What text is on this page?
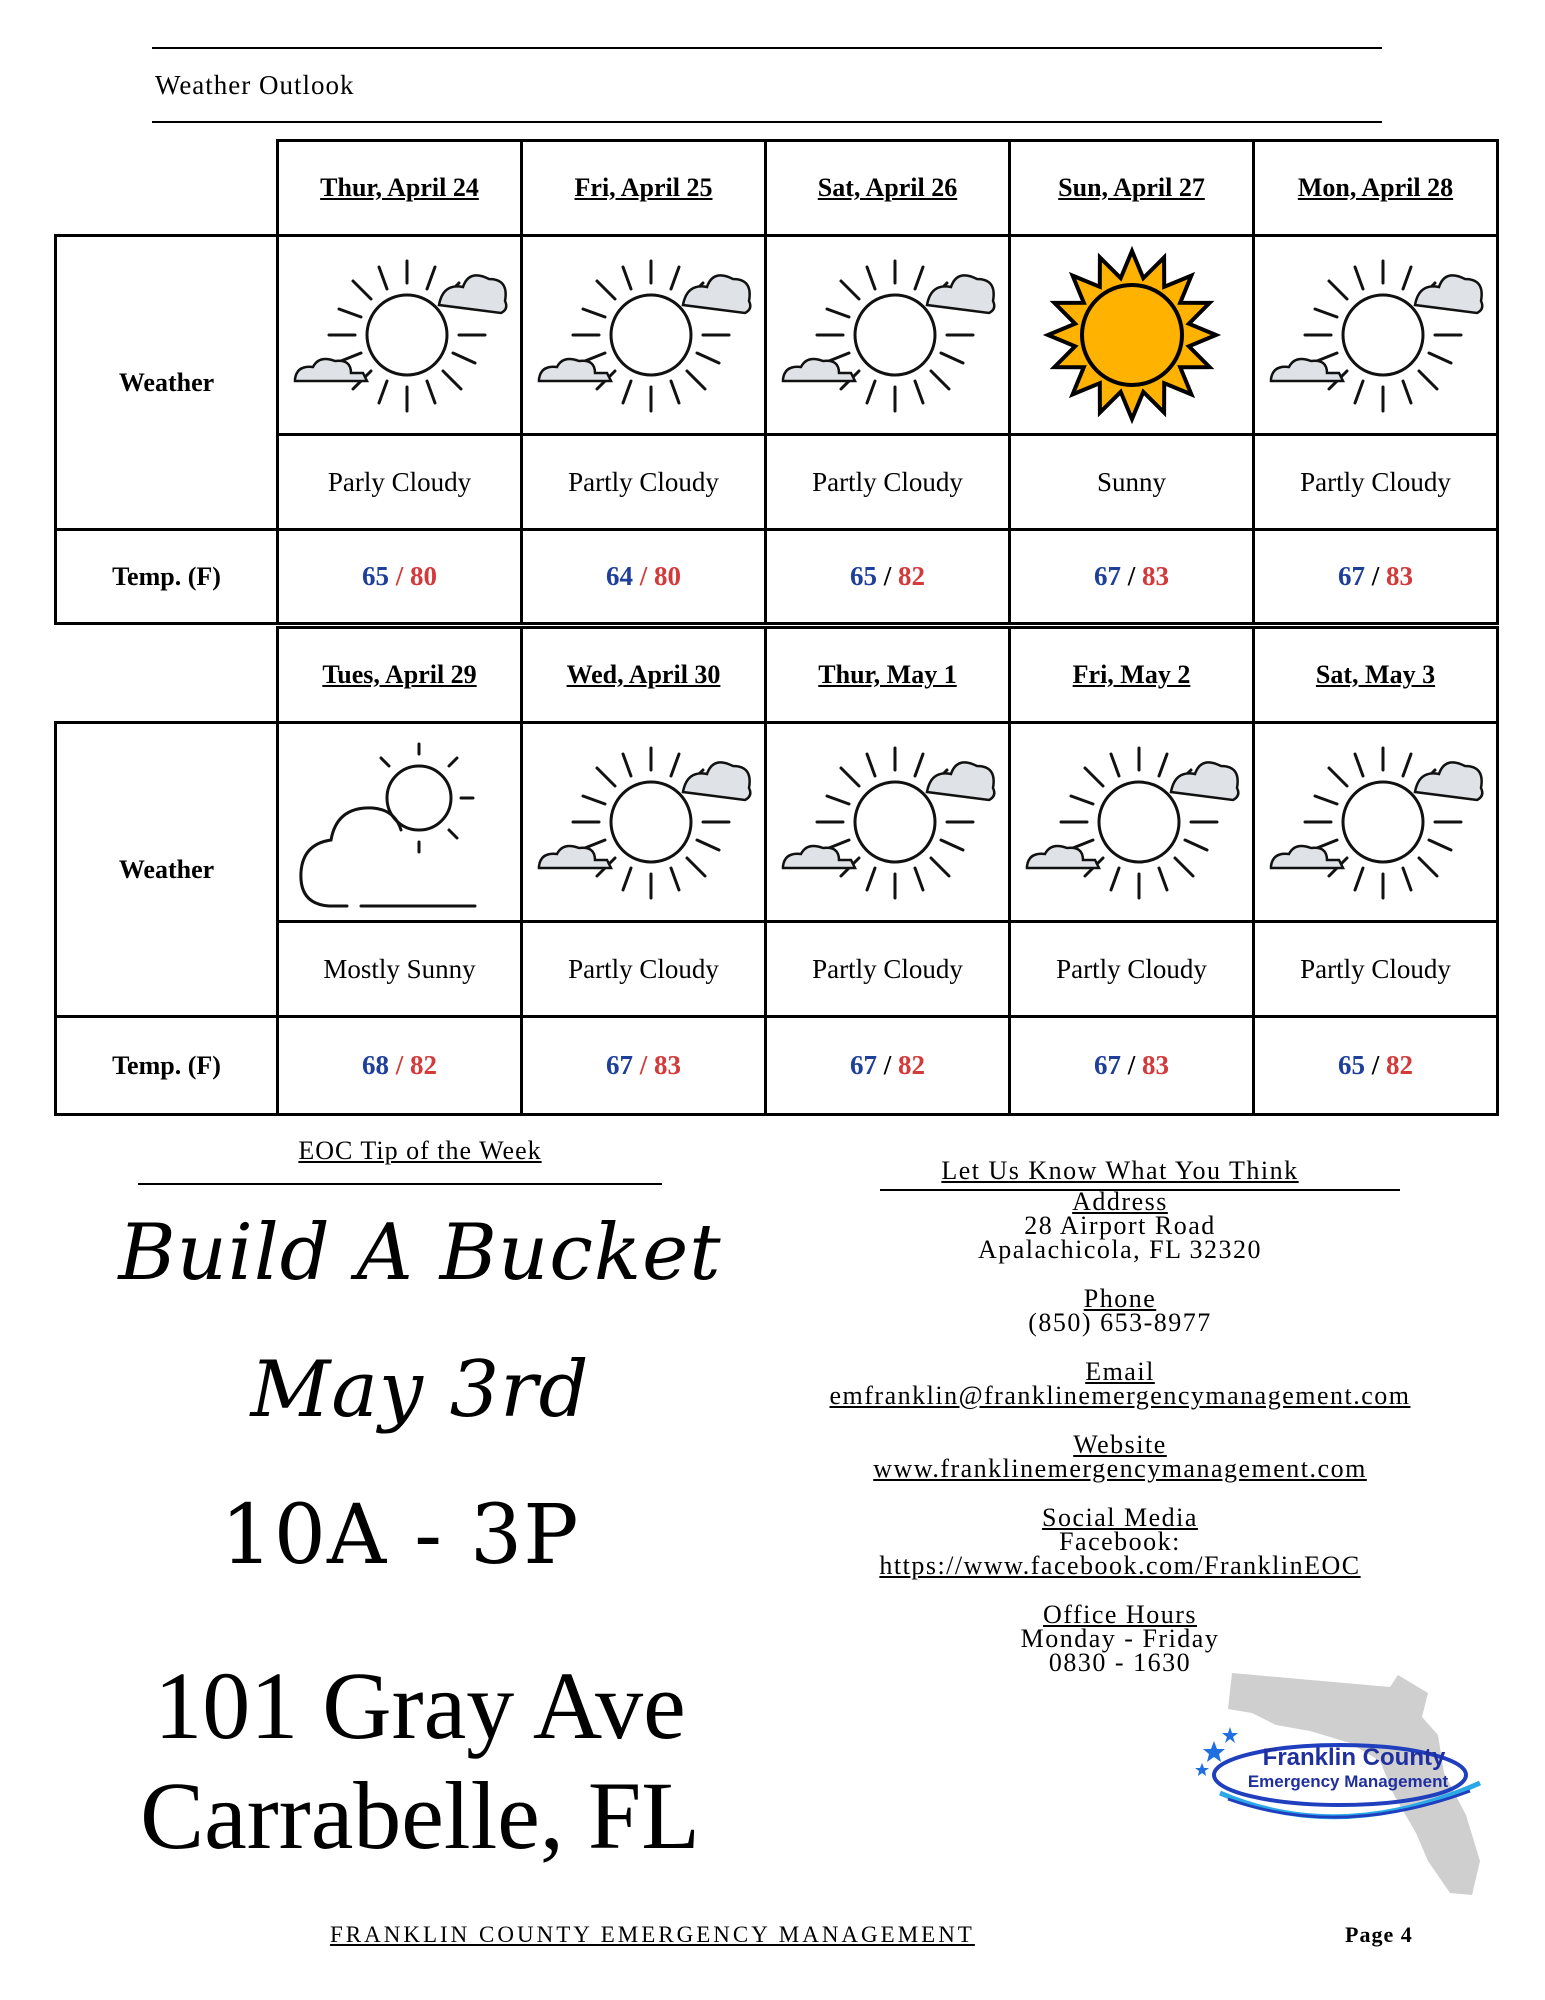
Weather Outlook
	Thur, April 24	Fri, April 25	Sat, April 26	Sun, April 27	Mon, April 28
Weather	

	Parly Cloudy	Partly Cloudy	Partly Cloudy	Sunny	Partly Cloudy
Temp. (F)	65 / 80	64 / 80	65 / 82	67 / 83	67 / 83
	Tues, April 29	Wed, April 30	Thur, May 1	Fri, May 2	Sat, May 3
Weather	

	Mostly Sunny	Partly Cloudy	Partly Cloudy	Partly Cloudy	Partly Cloudy
Temp. (F)	68 / 82	67 / 83	67 / 82	67 / 83	65 / 82
EOC Tip of the Week
Build A Bucket
May 3rd
10A - 3P
101 Gray Ave
Carrabelle, FL
Let Us Know What You Think
Address
28 Airport Road
Apalachicola, FL 32320
Phone
(850) 653-8977
Email
emfranklin@franklinemergencymanagement.com
Website
www.franklinemergencymanagement.com
Social Media
Facebook:
https://www.facebook.com/FranklinEOC
Office Hours
Monday - Friday
0830 - 1630
Franklin County
Emergency Management
FRANKLIN COUNTY EMERGENCY MANAGEMENT	Page 4
